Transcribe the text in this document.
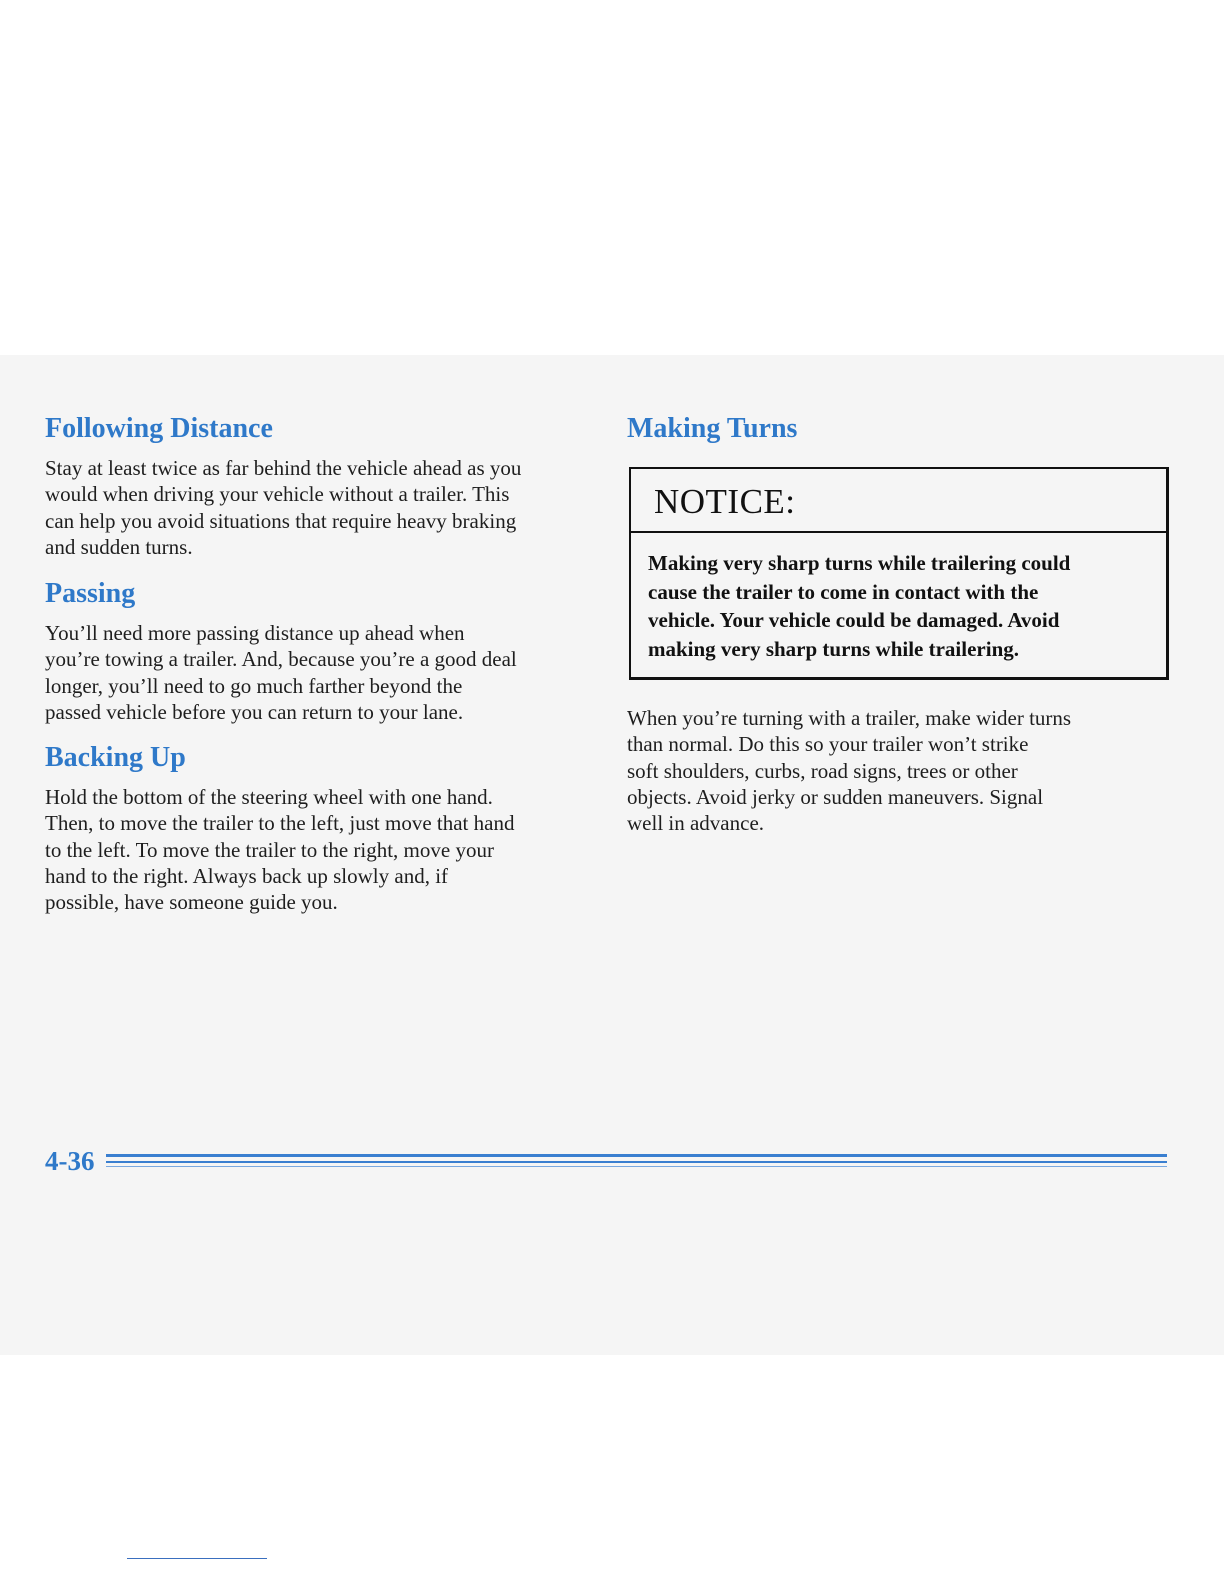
Following Distance

Stay at least twice as far behind the vehicle ahead as you
would when driving your vehicle without a trailer. This
can help you avoid situations that require heavy braking
and sudden turns.

Passing

You’ll need more passing distance up ahead when
you’re towing a trailer. And, because you’re a good deal
longer, you’ll need to go much farther beyond the
passed vehicle before you can return to your lane.

Backing Up

Hold the bottom of the steering wheel with one hand.
Then, to move the trailer to the left, just move that hand
to the left. To move the trailer to the right, move your
hand to the right. Always back up slowly and, if
possible, have someone guide you.

Making Turns
NOTICE:
Making very sharp turns while trailering could
cause the trailer to come in contact with the
vehicle. Your vehicle could be damaged. Avoid
making very sharp turns while trailering.

When you’re turning with a trailer, make wider turns
than normal. Do this so your trailer won’t strike
soft shoulders, curbs, road signs, trees or other
objects. Avoid jerky or sudden maneuvers. Signal
well in advance.

4-36
